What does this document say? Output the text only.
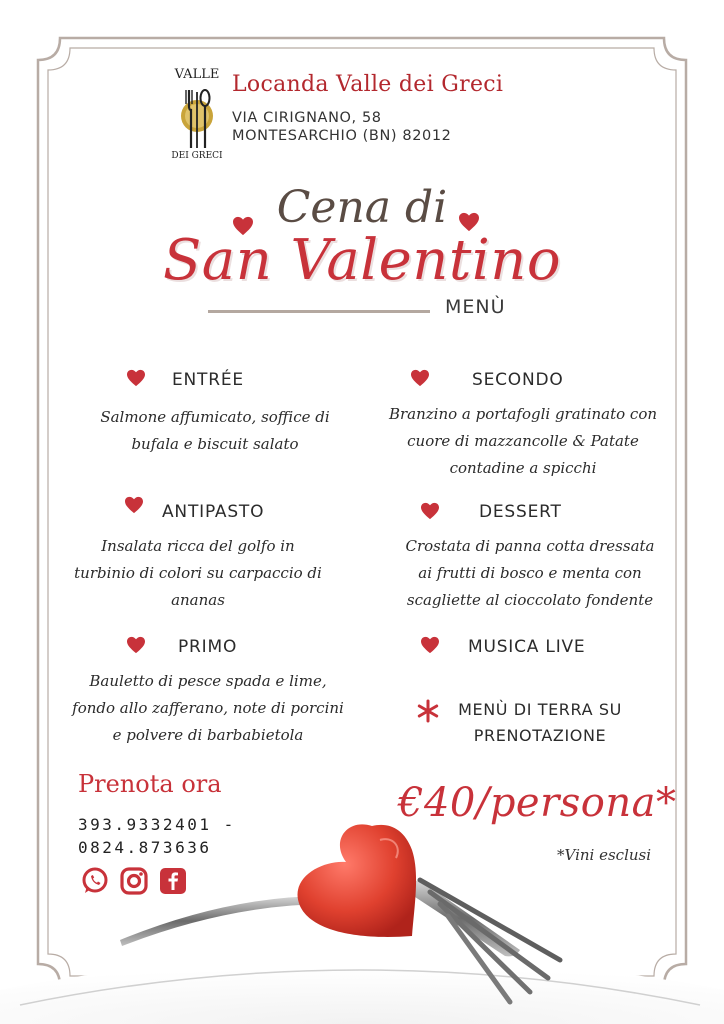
VALLE
DEI GRECI
Locanda Valle dei Greci
VIA CIRIGNANO, 58
MONTESARCHIO (BN) 82012
Cena di
San Valentino
MENÙ
ENTRÉE
Salmone affumicato, soffice di
bufala e biscuit salato
SECONDO
Branzino a portafogli gratinato con
cuore di mazzancolle & Patate
contadine a spicchi
ANTIPASTO
Insalata ricca del golfo in
turbinio di colori su carpaccio di
ananas
DESSERT
Crostata di panna cotta dressata
ai frutti di bosco e menta con
scagliette al cioccolato fondente
PRIMO
Bauletto di pesce spada e lime,
fondo allo zafferano, note di porcini
e polvere di barbabietola
MUSICA LIVE
MENÙ DI TERRA SU
PRENOTAZIONE
Prenota ora
393.9332401 -
0824.873636
€40/persona*
*Vini esclusi
